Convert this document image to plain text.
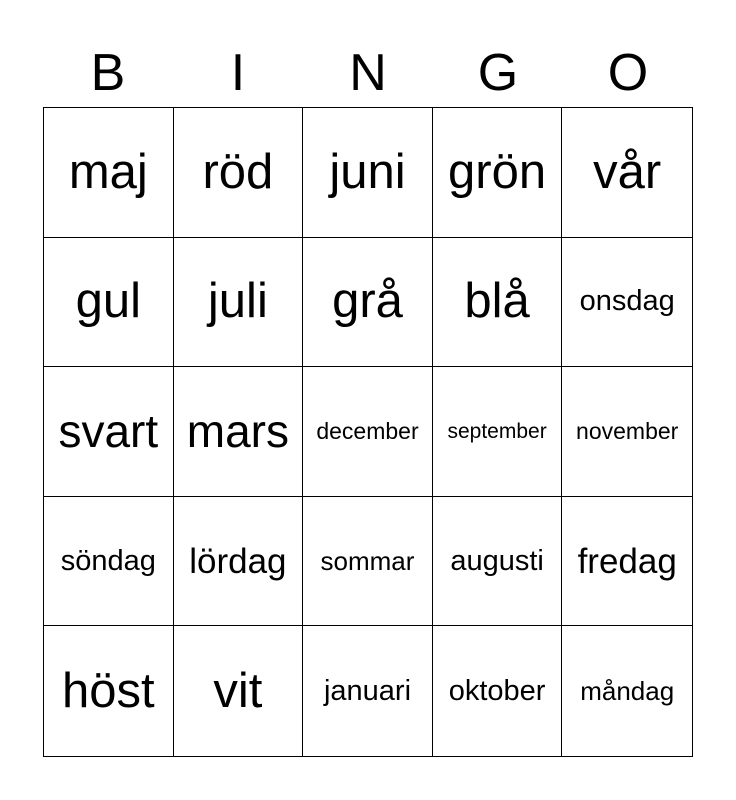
B	I	N	G	O
maj röd juni grön vår
gul juli grå blå onsdag
svart mars december september november
söndag lördag sommar augusti fredag
höst vit januari oktober måndag
